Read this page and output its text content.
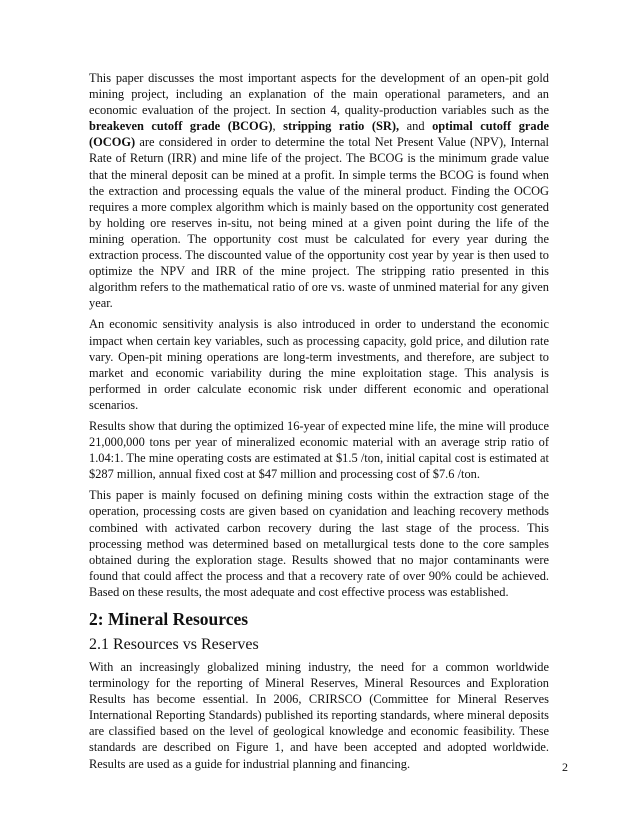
This paper discusses the most important aspects for the development of an open-pit gold mining project, including an explanation of the main operational parameters, and an economic evaluation of the project. In section 4, quality-production variables such as the breakeven cutoff grade (BCOG), stripping ratio (SR), and optimal cutoff grade (OCOG) are considered in order to determine the total Net Present Value (NPV), Internal Rate of Return (IRR) and mine life of the project. The BCOG is the minimum grade value that the mineral deposit can be mined at a profit. In simple terms the BCOG is found when the extraction and processing equals the value of the mineral product. Finding the OCOG requires a more complex algorithm which is mainly based on the opportunity cost generated by holding ore reserves in-situ, not being mined at a given point during the life of the mining operation. The opportunity cost must be calculated for every year during the extraction process. The discounted value of the opportunity cost year by year is then used to optimize the NPV and IRR of the mine project. The stripping ratio presented in this algorithm refers to the mathematical ratio of ore vs. waste of unmined material for any given year.

An economic sensitivity analysis is also introduced in order to understand the economic impact when certain key variables, such as processing capacity, gold price, and dilution rate vary. Open-pit mining operations are long-term investments, and therefore, are subject to market and economic variability during the mine exploitation stage. This analysis is performed in order calculate economic risk under different economic and operational scenarios.

Results show that during the optimized 16-year of expected mine life, the mine will produce 21,000,000 tons per year of mineralized economic material with an average strip ratio of 1.04:1. The mine operating costs are estimated at $1.5 /ton, initial capital cost is estimated at $287 million, annual fixed cost at $47 million and processing cost of $7.6 /ton.

This paper is mainly focused on defining mining costs within the extraction stage of the operation, processing costs are given based on cyanidation and leaching recovery methods combined with activated carbon recovery during the last stage of the process. This processing method was determined based on metallurgical tests done to the core samples obtained during the exploration stage. Results showed that no major contaminants were found that could affect the process and that a recovery rate of over 90% could be achieved. Based on these results, the most adequate and cost effective process was established.

2: Mineral Resources
2.1 Resources vs Reserves

With an increasingly globalized mining industry, the need for a common worldwide terminology for the reporting of Mineral Reserves, Mineral Resources and Exploration Results has become essential. In 2006, CRIRSCO (Committee for Mineral Reserves International Reporting Standards) published its reporting standards, where mineral deposits are classified based on the level of geological knowledge and economic feasibility. These standards are described on Figure 1, and have been accepted and adopted worldwide. Results are used as a guide for industrial planning and financing.	2
